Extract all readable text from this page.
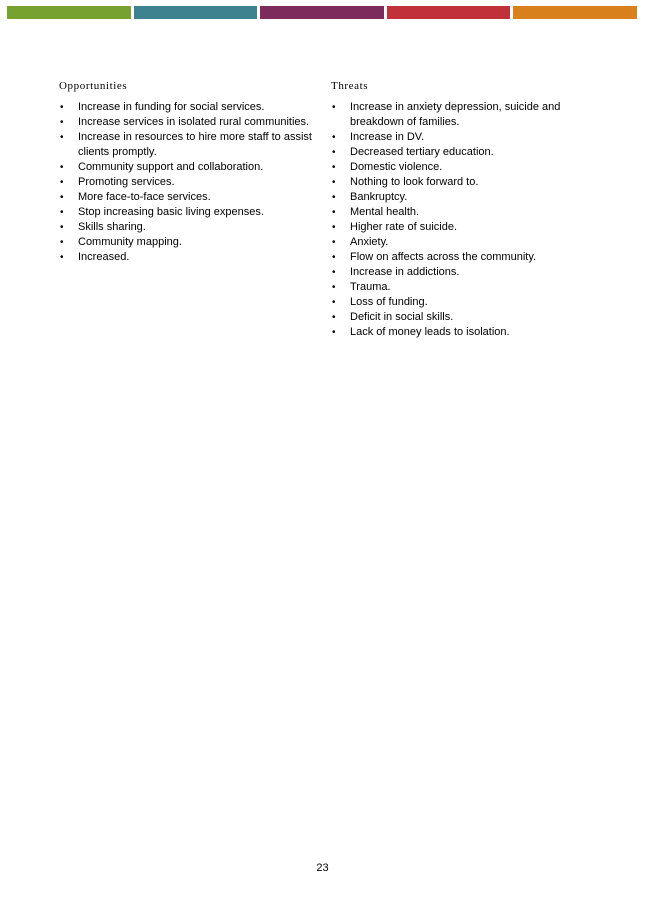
Opportunities
• Increase in funding for social services.
• Increase services in isolated rural communities.
• Increase in resources to hire more staff to assist clients promptly.
• Community support and collaboration.
• Promoting services.
• More face-to-face services.
• Stop increasing basic living expenses.
• Skills sharing.
• Community mapping.
• Increased.
Threats
• Increase in anxiety depression, suicide and breakdown of families.
• Increase in DV.
• Decreased tertiary education.
• Domestic violence.
• Nothing to look forward to.
• Bankruptcy.
• Mental health.
• Higher rate of suicide.
• Anxiety.
• Flow on affects across the community.
• Increase in addictions.
• Trauma.
• Loss of funding.
• Deficit in social skills.
• Lack of money leads to isolation.
23
